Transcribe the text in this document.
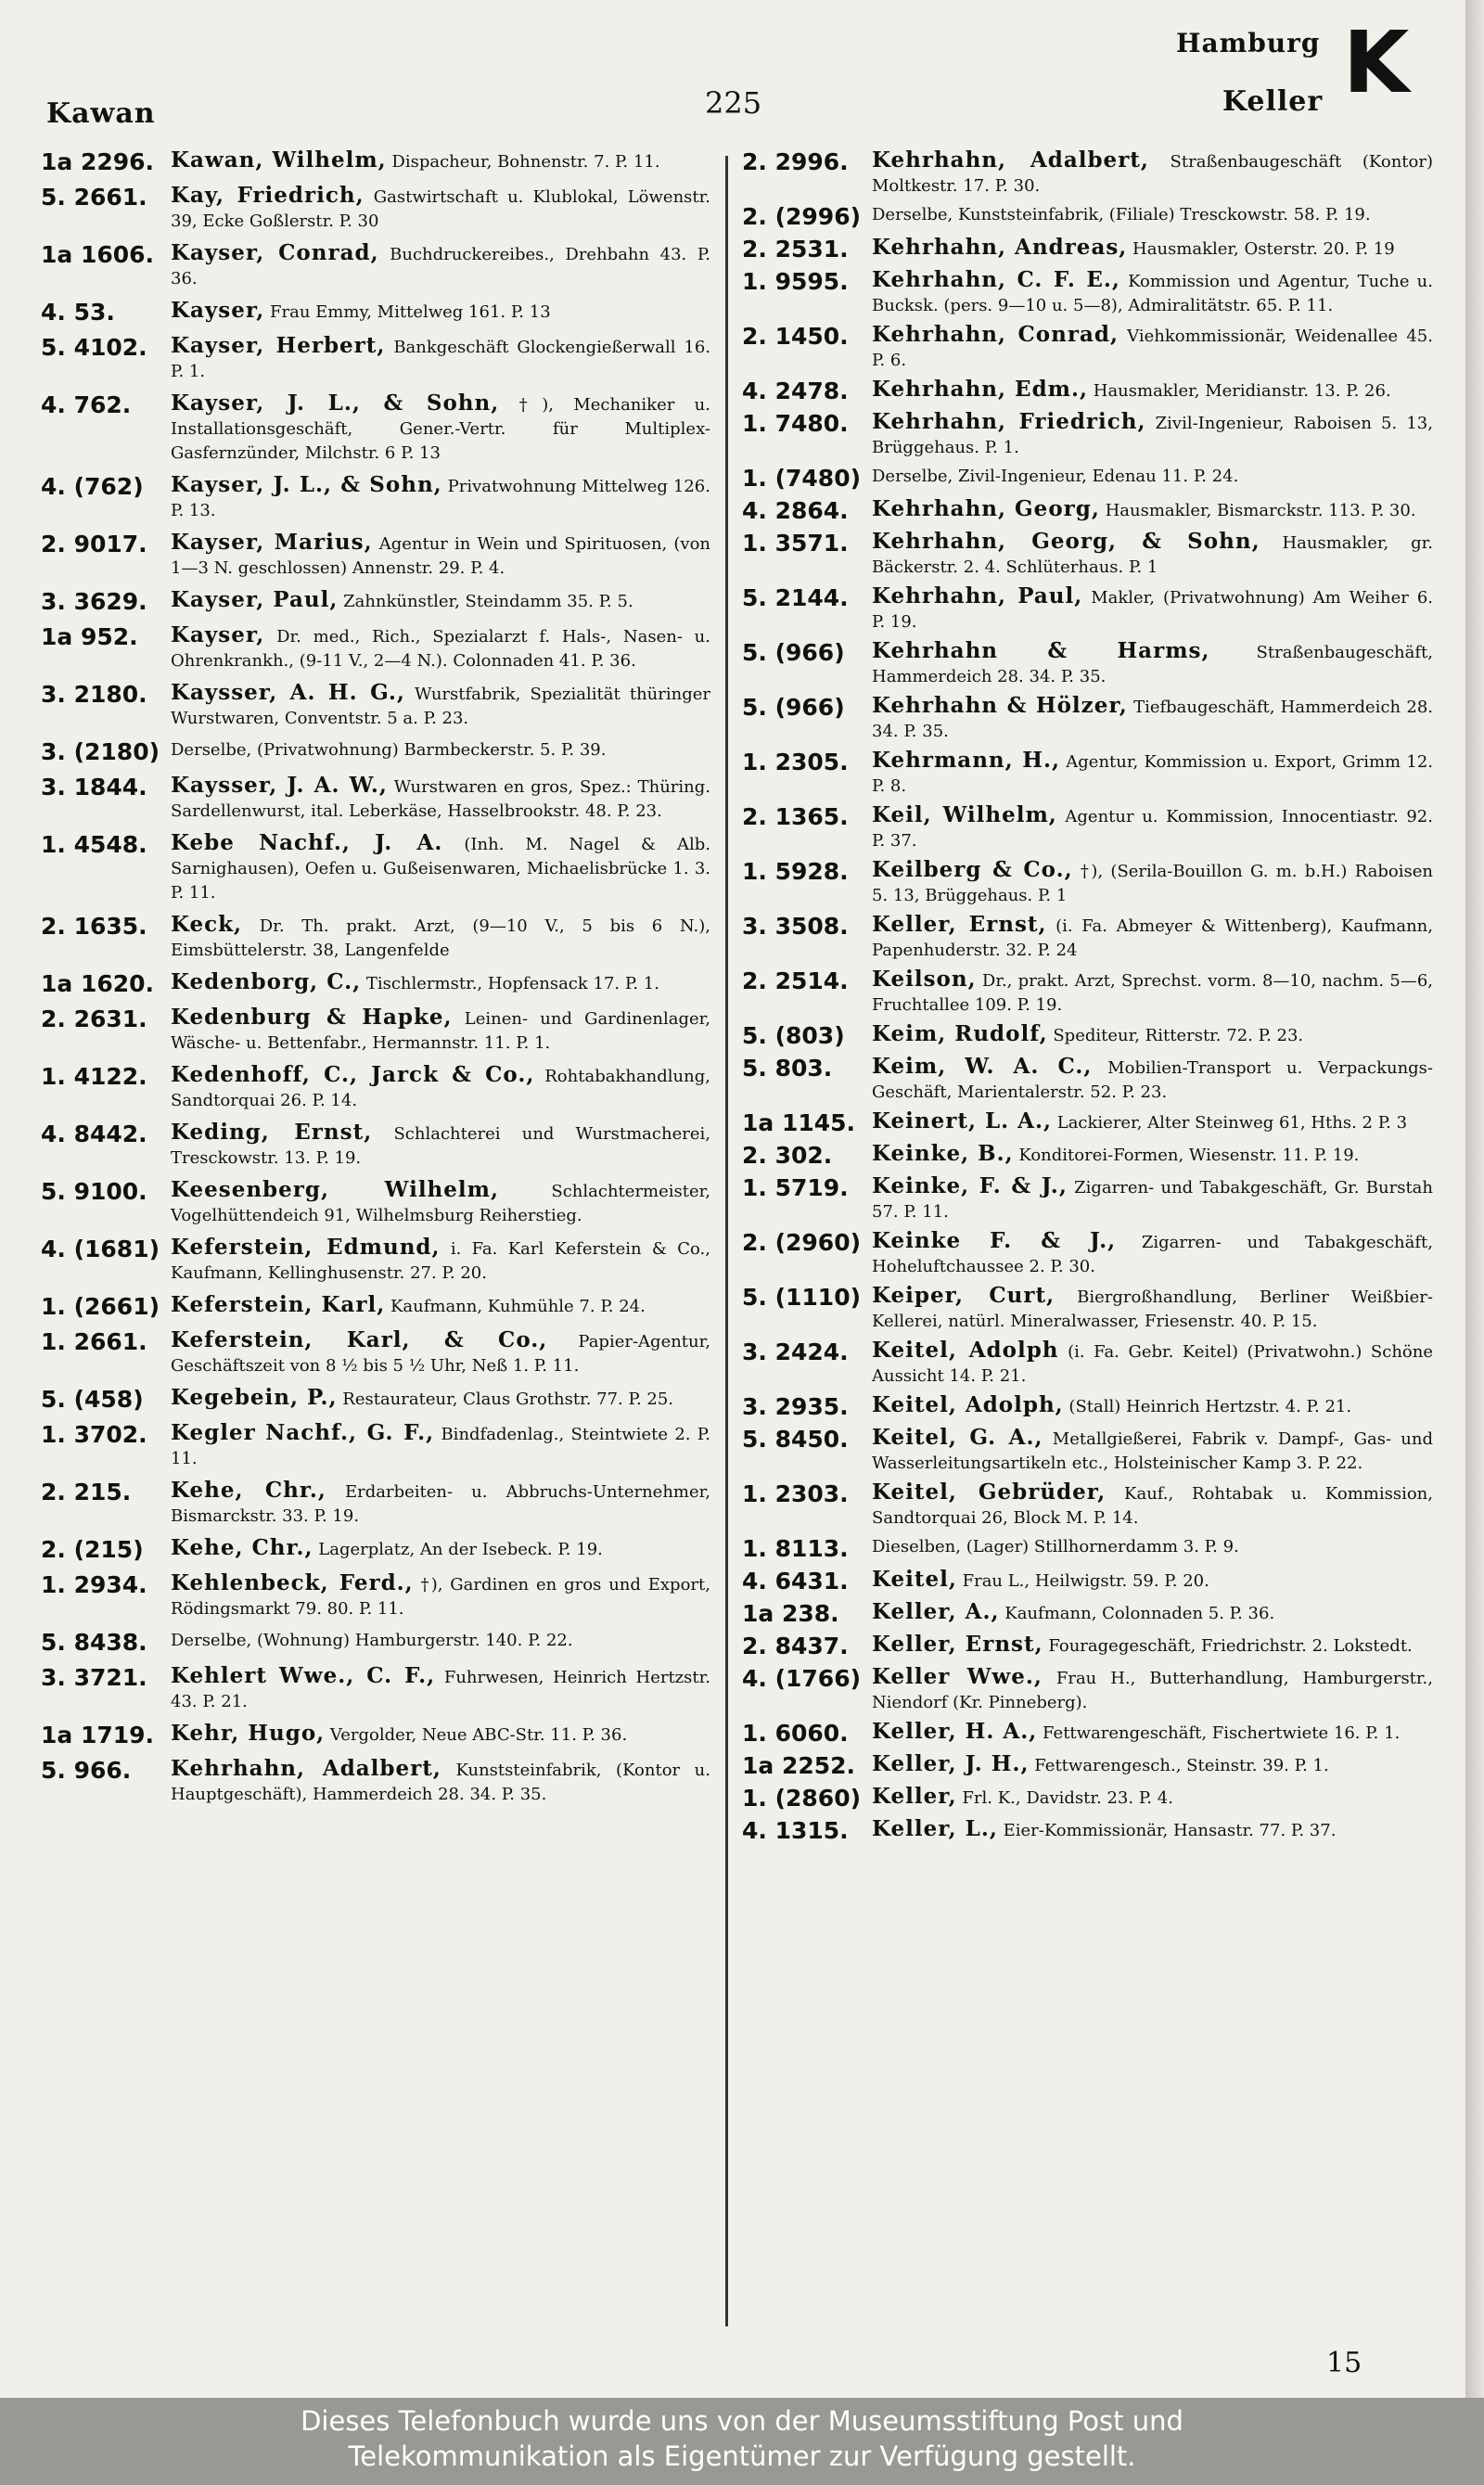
Kawan	225
Hamburg
Keller K
1a 2296. Kawan, Wilhelm, Dispacheur, Bohnenstr. 7. P. 11.
5. 2661.	Kay, Friedrich, Gastwirtschaft u. Klublokal, Löwenstr. 39, Ecke Goßlerstr. P. 30
1a 1606. Kayser, Conrad, Buchdruckereibes., Drehbahn 43. P. 36.
4. 53.	Kayser, Frau Emmy, Mittelweg 161. P. 13
5. 4102.	Kayser, Herbert, Bankgeschäft Glockengießerwall 16. P. 1.
4. 762.	Kayser, J. L., & Sohn, †), Mechaniker u. Installationsgeschäft, Gener.-Vertr. für Multiplex-Gasfernzünder, Milchstr. 6 P. 13
4. (762)	Kayser, J. L., & Sohn, Privatwohnung Mittelweg 126. P. 13.
2. 9017.	Kayser, Marius, Agentur in Wein und Spirituosen, (von 1—3 N. geschlossen) Annenstr. 29. P. 4.
3. 3629.	Kayser, Paul, Zahnkünstler, Steindamm 35. P. 5.
1a 952.	Kayser, Dr. med., Rich., Spezialarzt f. Hals-, Nasen- u. Ohrenkrankh., (9-11 V., 2—4 N.). Colonnaden 41. P. 36.
3. 2180.	Kaysser, A. H. G., Wurstfabrik, Spezialität thüringer Wurstwaren, Conventstr. 5 a. P. 23.
3. (2180) Derselbe, (Privatwohnung) Barmbeckerstr. 5. P. 39.
3. 1844.	Kaysser, J. A. W., Wurstwaren en gros, Spez.: Thüring. Sardellenwurst, ital. Leberkäse, Hasselbrookstr. 48. P. 23.
1. 4548.	Kebe Nachf., J. A. (Inh. M. Nagel & Alb. Sarnighausen), Oefen u. Gußeisenwaren, Michaelisbrücke 1. 3. P. 11.
2. 1635.	Keck, Dr. Th. prakt. Arzt, (9—10 V., 5 bis 6 N.), Eimsbüttelerstr. 38, Langenfelde
1a 1620. Kedenborg, C., Tischlermstr., Hopfensack 17. P. 1.
2. 2631.	Kedenburg & Hapke, Leinen- und Gardinenlager, Wäsche- u. Bettenfabr., Hermannstr. 11. P. 1.
1. 4122.	Kedenhoff, C., Jarck & Co., Rohtabakhandlung, Sandtorquai 26. P. 14.
4. 8442.	Keding, Ernst, Schlachterei und Wurstmacherei, Tresckowstr. 13. P. 19.
5. 9100.	Keesenberg, Wilhelm,	Schlachtermeister, Vogelhüttendeich 91, Wilhelmsburg Reiherstieg.
4. (1681) Keferstein, Edmund, i. Fa. Karl Keferstein & Co., Kaufmann, Kellinghusenstr. 27. P. 20.
1. (2661) Keferstein, Karl, Kaufmann, Kuhmühle 7. P. 24.
1. 2661.	Keferstein, Karl, & Co., Papier-Agentur, Geschäftszeit von 8 ½ bis 5 ½ Uhr, Neß 1. P. 11.
5. (458)	Kegebein, P., Restaurateur, Claus Grothstr. 77. P. 25.
1. 3702.	Kegler Nachf., G. F., Bindfadenlag., Steintwiete 2. P. 11.
2. 215.	Kehe, Chr., Erdarbeiten- u. Abbruchs-Unternehmer, Bismarckstr. 33. P. 19.
2. (215)	Kehe, Chr., Lagerplatz, An der Isebeck. P. 19.
1. 2934.	Kehlenbeck, Ferd., †), Gardinen en gros und Export, Rödingsmarkt 79. 80. P. 11.
5. 8438.	Derselbe, (Wohnung) Hamburgerstr. 140. P. 22.
3. 3721.	Kehlert Wwe., C. F., Fuhrwesen, Heinrich Hertzstr. 43. P. 21.
1a 1719. Kehr, Hugo, Vergolder, Neue ABC-Str. 11. P. 36.
5. 966.	Kehrhahn, Adalbert, Kunststeinfabrik, (Kontor u. Hauptgeschäft), Hammerdeich 28. 34. P. 35.
2. 2996.	Kehrhahn, Adalbert, Straßenbaugeschäft (Kontor) Moltkestr. 17. P. 30.
2. (2996) Derselbe, Kunststeinfabrik, (Filiale) Tresckowstr. 58. P. 19.
2. 2531.	Kehrhahn, Andreas, Hausmakler, Osterstr. 20. P. 19
1. 9595.	Kehrhahn, C. F. E., Kommission und Agentur, Tuche u. Bucksk. (pers. 9—10 u. 5—8), Admiralitätstr. 65. P. 11.
2. 1450.	Kehrhahn, Conrad, Viehkommissionär, Weidenallee 45. P. 6.
4. 2478.	Kehrhahn, Edm., Hausmakler, Meridianstr. 13. P. 26.
1. 7480.	Kehrhahn, Friedrich, Zivil-Ingenieur, Raboisen 5. 13, Brüggehaus. P. 1.
1. (7480) Derselbe, Zivil-Ingenieur, Edenau 11. P. 24.
4. 2864.	Kehrhahn, Georg, Hausmakler, Bismarckstr. 113. P. 30.
1. 3571.	Kehrhahn, Georg, & Sohn, Hausmakler, gr. Bäckerstr. 2. 4. Schlüterhaus. P. 1
5. 2144.	Kehrhahn, Paul, Makler, (Privatwohnung) Am Weiher 6. P. 19.
5. (966)	Kehrhahn & Harms,	Straßenbaugeschäft, Hammerdeich 28. 34. P. 35.
5. (966)	Kehrhahn & Hölzer, Tiefbaugeschäft, Hammerdeich 28. 34. P. 35.
1. 2305.	Kehrmann, H., Agentur, Kommission u. Export, Grimm 12. P. 8.
2. 1365.	Keil, Wilhelm, Agentur u. Kommission, Innocentiastr. 92. P. 37.
1. 5928.	Keilberg & Co., †), (Serila-Bouillon G. m. b.H.) Raboisen 5. 13, Brüggehaus. P. 1
3. 3508.	Keller, Ernst, (i. Fa. Abmeyer & Wittenberg), Kaufmann, Papenhuderstr. 32. P. 24
2. 2514.	Keilson, Dr., prakt. Arzt, Sprechst. vorm. 8—10, nachm. 5—6, Fruchtallee 109. P. 19.
5. (803)	Keim, Rudolf, Spediteur, Ritterstr. 72. P. 23.
5. 803.	Keim, W. A. C., Mobilien-Transport u. Verpackungs-Geschäft, Marientalerstr. 52. P. 23.
1a 1145. Keinert, L. A., Lackierer, Alter Steinweg 61, Hths. 2 P. 3
2. 302.	Keinke, B., Konditorei-Formen, Wiesenstr. 11. P. 19.
1. 5719.	Keinke, F. & J., Zigarren- und Tabakgeschäft, Gr. Burstah 57. P. 11.
2. (2960) Keinke F. & J., Zigarren- und Tabakgeschäft, Hoheluftchaussee 2. P. 30.
5. (1110) Keiper, Curt, Biergroßhandlung, Berliner Weißbier-Kellerei, natürl. Mineralwasser, Friesenstr. 40. P. 15.
3. 2424.	Keitel, Adolph (i. Fa. Gebr. Keitel) (Privatwohn.) Schöne Aussicht 14. P. 21.
3. 2935.	Keitel, Adolph, (Stall) Heinrich Hertzstr. 4. P. 21.
5. 8450.	Keitel, G. A., Metallgießerei, Fabrik v. Dampf-, Gas- und Wasserleitungsartikeln etc., Holsteinischer Kamp 3. P. 22.
1. 2303.	Keitel, Gebrüder, Kauf., Rohtabak u. Kommission, Sandtorquai 26, Block M. P. 14.
1. 8113.	Dieselben, (Lager) Stillhornerdamm 3. P. 9.
4. 6431.	Keitel, Frau L., Heilwigstr. 59. P. 20.
1a 238.	Keller, A., Kaufmann, Colonnaden 5. P. 36.
2. 8437.	Keller, Ernst, Fouragegeschäft, Friedrichstr. 2. Lokstedt.
4. (1766) Keller Wwe., Frau H., Butterhandlung, Hamburgerstr., Niendorf (Kr. Pinneberg).
1. 6060.	Keller, H. A., Fettwarengeschäft, Fischertwiete 16. P. 1.
1a 2252. Keller, J. H., Fettwarengesch., Steinstr. 39. P. 1.
1. (2860) Keller, Frl. K., Davidstr. 23. P. 4.
4. 1315.	Keller, L., Eier-Kommissionär, Hansastr. 77. P. 37.
15
Dieses Telefonbuch wurde uns von der Museumsstiftung Post und
Telekommunikation als Eigentümer zur Verfügung gestellt.
